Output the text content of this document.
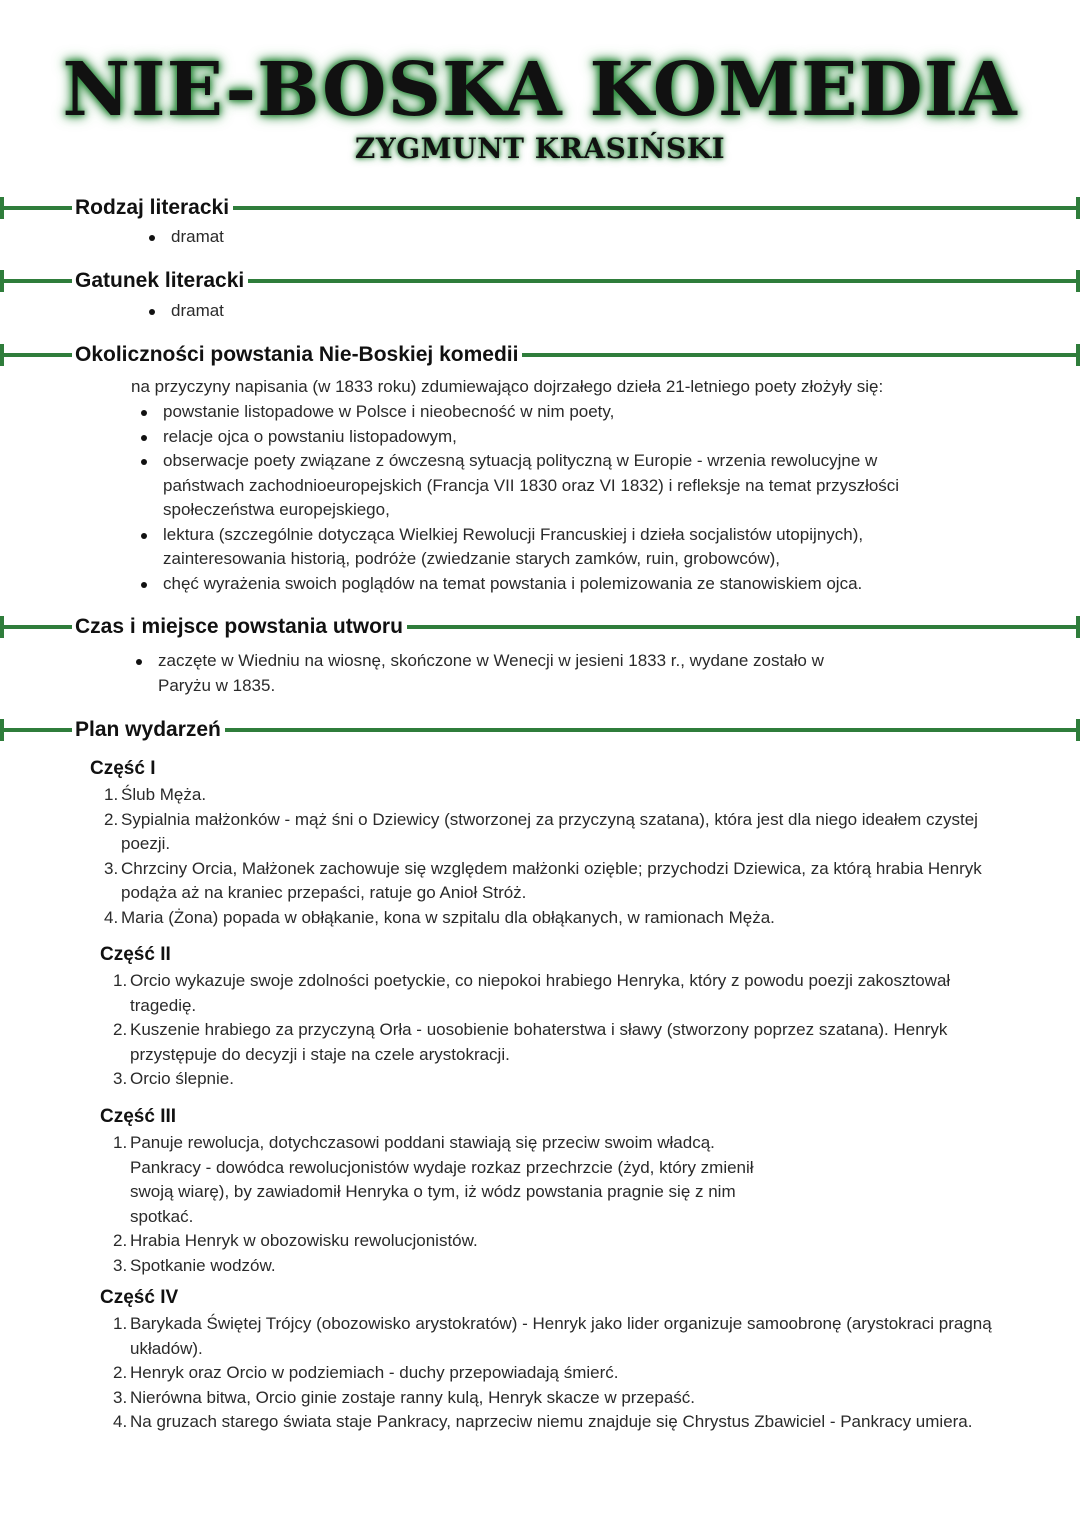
NIE-BOSKA KOMEDIA
ZYGMUNT KRASIŃSKI
Rodzaj literacki
dramat
Gatunek literacki
dramat
Okoliczności powstania Nie-Boskiej komedii
na przyczyny napisania (w 1833 roku) zdumiewająco dojrzałego dzieła 21-letniego poety złożyły się:
powstanie listopadowe w Polsce i nieobecność w nim poety,
relacje ojca o powstaniu listopadowym,
obserwacje poety związane z ówczesną sytuacją polityczną w Europie - wrzenia rewolucyjne w państwach zachodnioeuropejskich (Francja VII 1830 oraz VI 1832) i refleksje na temat przyszłości społeczeństwa europejskiego,
lektura (szczególnie dotycząca Wielkiej Rewolucji Francuskiej i dzieła socjalistów utopijnych), zainteresowania historią, podróże (zwiedzanie starych zamków, ruin, grobowców),
chęć wyrażenia swoich poglądów na temat powstania i polemizowania ze stanowiskiem ojca.
Czas i miejsce powstania utworu
zaczęte w Wiedniu na wiosnę, skończone w Wenecji w jesieni 1833 r., wydane zostało w Paryżu w 1835.
Plan wydarzeń
Część I
1. Ślub Męża.
2. Sypialnia małżonków - mąż śni o Dziewicy (stworzonej za przyczyną szatana), która jest dla niego ideałem czystej poezji.
3. Chrzciny Orcia, Małżonek zachowuje się względem małżonki ozięble; przychodzi Dziewica, za którą hrabia Henryk podąża aż na kraniec przepaści, ratuje go Anioł Stróż.
4. Maria (Żona) popada w obłąkanie, kona w szpitalu dla obłąkanych, w ramionach Męża.
Część II
1. Orcio wykazuje swoje zdolności poetyckie, co niepokoi hrabiego Henryka, który z powodu poezji zakosztował tragedię.
2. Kuszenie hrabiego za przyczyną Orła - uosobienie bohaterstwa i sławy (stworzony poprzez szatana). Henryk przystępuje do decyzji i staje na czele arystokracji.
3. Orcio ślepnie.
Część III
1. Panuje rewolucja, dotychczasowi poddani stawiają się przeciw swoim władcą. Pankracy - dowódca rewolucjonistów wydaje rozkaz przechrzcie (żyd, który zmienił swoją wiarę), by zawiadomił Henryka o tym, iż wódz powstania pragnie się z nim spotkać.
2. Hrabia Henryk w obozowisku rewolucjonistów.
3. Spotkanie wodzów.
Część IV
1. Barykada Świętej Trójcy (obozowisko arystokratów) - Henryk jako lider organizuje samoobronę (arystokraci pragną układów).
2. Henryk oraz Orcio w podziemiach - duchy przepowiadają śmierć.
3. Nierówna bitwa, Orcio ginie zostaje ranny kulą, Henryk skacze w przepaść.
4. Na gruzach starego świata staje Pankracy, naprzeciw niemu znajduje się Chrystus Zbawiciel - Pankracy umiera.
